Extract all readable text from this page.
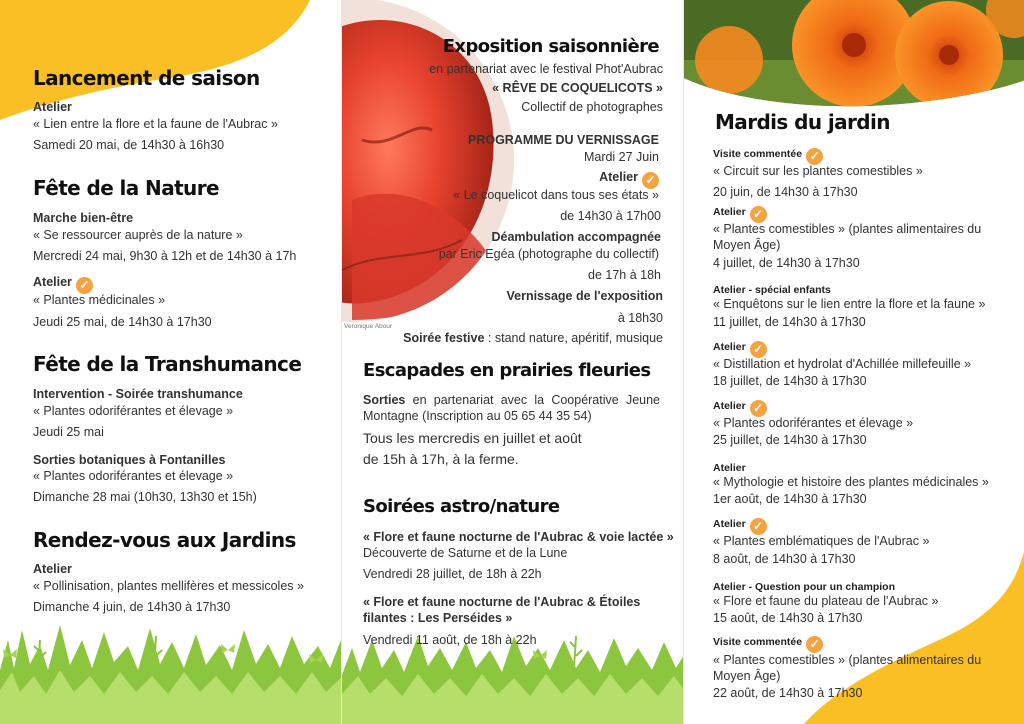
Lancement de saison
Atelier
« Lien entre la flore et la faune de l'Aubrac »
Samedi 20 mai, de 14h30 à 16h30
Fête de la Nature
Marche bien-être
« Se ressourcer auprès de la nature »
Mercredi 24 mai, 9h30 à 12h et de 14h30 à 17h
Atelier ✓
« Plantes médicinales »
Jeudi 25 mai, de 14h30 à 17h30
Fête de la Transhumance
Intervention - Soirée transhumance
« Plantes odoriférantes et élevage »
Jeudi 25 mai
Sorties botaniques à Fontanilles
« Plantes odoriférantes et élevage »
Dimanche 28 mai (10h30, 13h30 et 15h)
Rendez-vous aux Jardins
Atelier
« Pollinisation, plantes mellifères et messicoles »
Dimanche 4 juin, de 14h30 à 17h30
Veronique Abour
Exposition saisonnière
en partenariat avec le festival Phot'Aubrac
« RÊVE DE COQUELICOTS »
Collectif de photographes
PROGRAMME DU VERNISSAGE
Mardi 27 Juin
Atelier ✓
« Le coquelicot dans tous ses états »
de 14h30 à 17h00
Déambulation accompagnée
par Eric Egéa (photographe du collectif)
de 17h à 18h
Vernissage de l'exposition
à 18h30
Soirée festive : stand nature, apéritif, musique
Escapades en prairies fleuries
Sorties en partenariat avec la Coopérative Jeune Montagne (Inscription au 05 65 44 35 54)
Tous les mercredis en juillet et août
de 15h à 17h, à la ferme.
Soirées astro/nature
« Flore et faune nocturne de l'Aubrac & voie lactée »
Découverte de Saturne et de la Lune
Vendredi 28 juillet, de 18h à 22h
« Flore et faune nocturne de l'Aubrac & Étoiles filantes : Les Perséides »
Vendredi 11 août, de 18h à 22h
Mardis du jardin
Visite commentée ✓
« Circuit sur les plantes comestibles »
20 juin, de 14h30 à 17h30
Atelier ✓
« Plantes comestibles » (plantes alimentaires du Moyen Âge)
4 juillet, de 14h30 à 17h30
Atelier - spécial enfants
« Enquêtons sur le lien entre la flore et la faune »
11 juillet, de 14h30 à 17h30
Atelier ✓
« Distillation et hydrolat d'Achillée millefeuille »
18 juillet, de 14h30 à 17h30
Atelier ✓
« Plantes odoriférantes et élevage »
25 juillet, de 14h30 à 17h30
Atelier
« Mythologie et histoire des plantes médicinales »
1er août, de 14h30 à 17h30
Atelier ✓
« Plantes emblématiques de l'Aubrac »
8 août, de 14h30 à 17h30
Atelier - Question pour un champion
« Flore et faune du plateau de l'Aubrac »
15 août, de 14h30 à 17h30
Visite commentée ✓
« Plantes comestibles » (plantes alimentaires du Moyen Âge)
22 août, de 14h30 à 17h30
